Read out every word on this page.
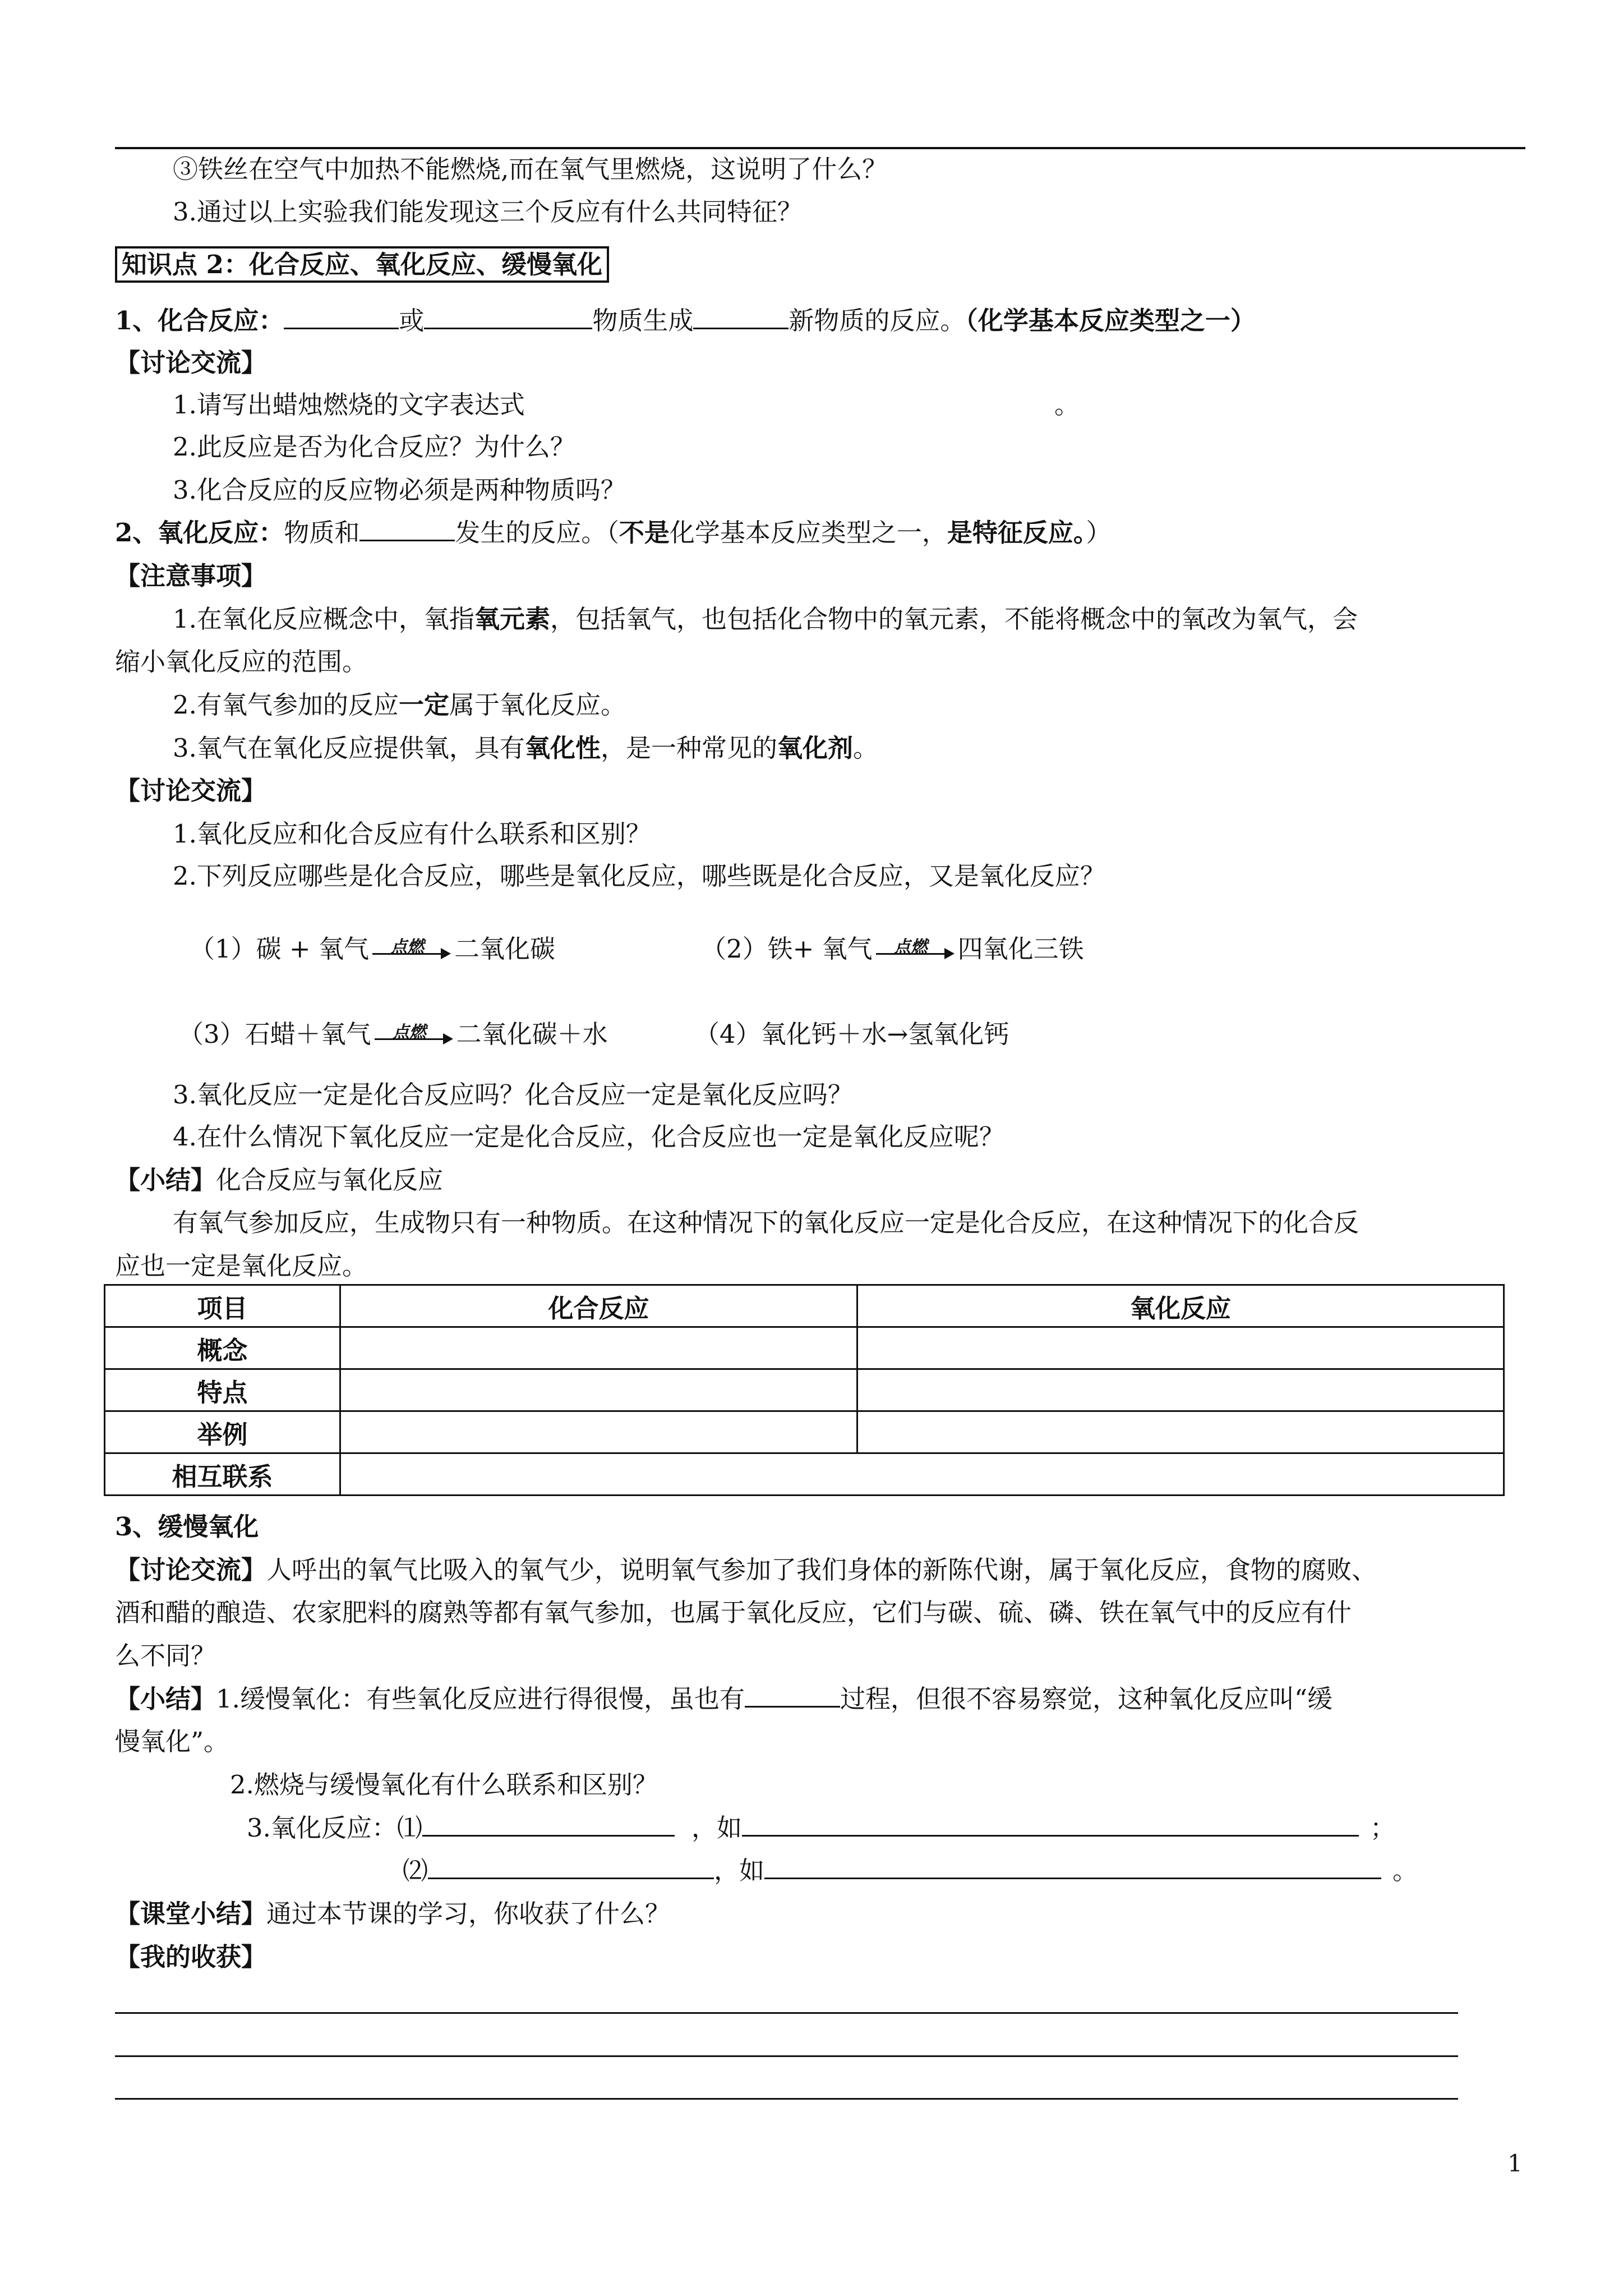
③铁丝在空气中加热不能燃烧,而在氧气里燃烧，这说明了什么？
3.通过以上实验我们能发现这三个反应有什么共同特征？
知识点 2：化合反应、氧化反应、缓慢氧化
1、化合反应：	或	物质生成	新物质的反应。（化学基本反应类型之一）
【讨论交流】
1.请写出蜡烛燃烧的文字表达式	。
2.此反应是否为化合反应？为什么？
3.化合反应的反应物必须是两种物质吗？
2、氧化反应：物质和	发生的反应。（不是化学基本反应类型之一，是特征反应。）
【注意事项】
1.在氧化反应概念中，氧指氧元素，包括氧气，也包括化合物中的氧元素，不能将概念中的氧改为氧气，会
缩小氧化反应的范围。
2.有氧气参加的反应一定属于氧化反应。
3.氧气在氧化反应提供氧，具有氧化性，是一种常见的氧化剂。
【讨论交流】
1.氧化反应和化合反应有什么联系和区别？
2.下列反应哪些是化合反应，哪些是氧化反应，哪些既是化合反应，又是氧化反应？
（1）碳 + 氧气 点燃 二氧化碳	（2）铁+ 氧气 点燃 四氧化三铁
（3）石蜡＋氧气 点燃 二氧化碳＋水	（4）氧化钙＋水→氢氧化钙
3.氧化反应一定是化合反应吗？化合反应一定是氧化反应吗？
4.在什么情况下氧化反应一定是化合反应，化合反应也一定是氧化反应呢？
【小结】化合反应与氧化反应
有氧气参加反应，生成物只有一种物质。在这种情况下的氧化反应一定是化合反应，在这种情况下的化合反
应也一定是氧化反应。
项目	化合反应	氧化反应
概念		
特点		
举例		
相互联系		
3、缓慢氧化
【讨论交流】人呼出的氧气比吸入的氧气少，说明氧气参加了我们身体的新陈代谢，属于氧化反应，食物的腐败、
酒和醋的酿造、农家肥料的腐熟等都有氧气参加，也属于氧化反应，它们与碳、硫、磷、铁在氧气中的反应有什
么不同？
【小结】1.缓慢氧化：有些氧化反应进行得很慢，虽也有	过程，但很不容易察觉，这种氧化反应叫“缓
慢氧化”。
2.燃烧与缓慢氧化有什么联系和区别？
3.氧化反应：⑴	，如	；
⑵	，如	。
【课堂小结】通过本节课的学习，你收获了什么？
【我的收获】
1
